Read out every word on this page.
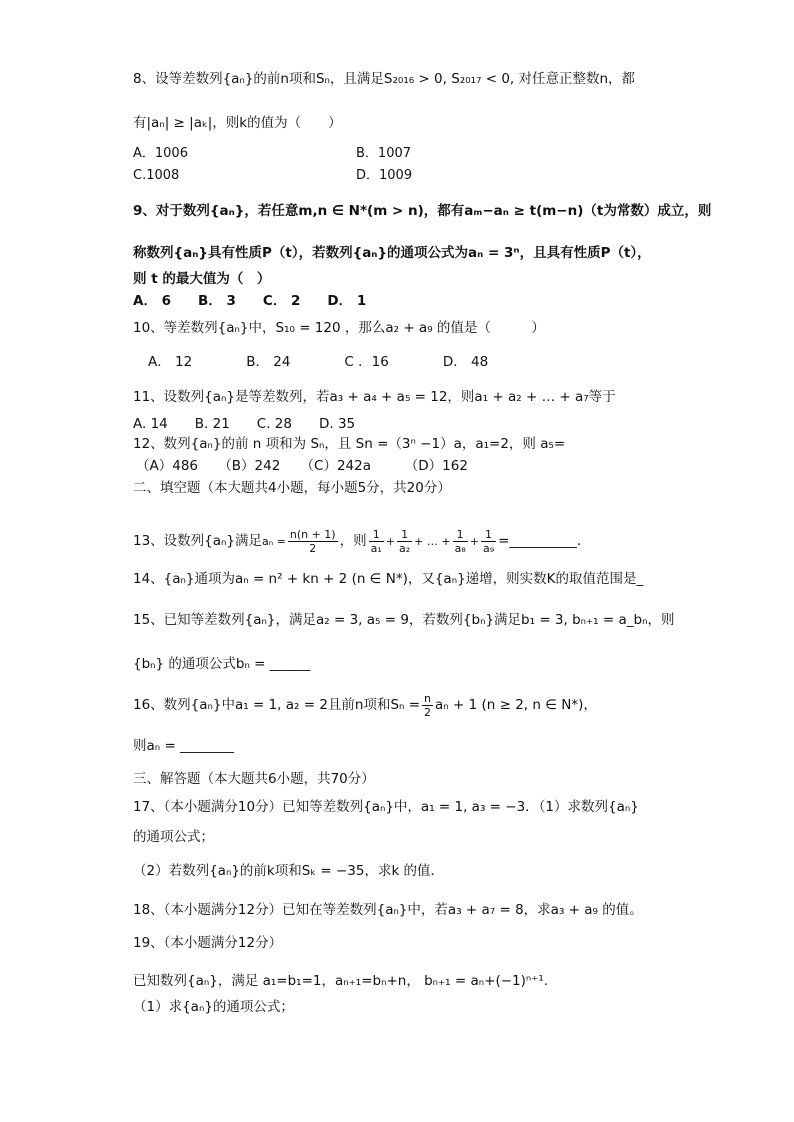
8、设等差数列{aₙ}的前n项和Sₙ，且满足S₂₀₁₆ > 0, S₂₀₁₇ < 0, 对任意正整数n，都
有|aₙ| ≥ |aₖ|，则k的值为（　　）
A．1006	B．1007
C.1008	D．1009
9、对于数列{aₙ}，若任意m,n ∈ N*(m > n)，都有aₘ−aₙ ≥ t(m−n)（t为常数）成立，则
称数列{aₙ}具有性质P（t），若数列{aₙ}的通项公式为aₙ = 3ⁿ，且具有性质P（t），
则 t 的最大值为（　）
A． 6　　B． 3　　C． 2　　D． 1
10、等差数列{aₙ}中，S₁₀ = 120 ，那么a₂ + a₉ 的值是（　　　）
A． 12　　　　B． 24　　　　C ．16　　　　D． 48
11、设数列{aₙ}是等差数列，若a₃ + a₄ + a₅ = 12，则a₁ + a₂ + … + a₇等于
A. 14　　B. 21　　C. 28　　D. 35
12、数列{aₙ}的前 n 项和为 Sₙ，且 Sn =（3ⁿ −1）a，a₁=2，则 a₅=
（A）486　　（B）242　　（C）242a　　　（D）162
二、填空题（本大题共4小题，每小题5分，共20分）
13、设数列{aₙ}满足$a_n = \frac{n(n + 1)}{2}$ ，则 $\frac{1}{\text{a₁}} + \frac{1}{\text{a₂}}$ + … + $\frac{1}{\text{a₈}} + \frac{1}{\text{a₉}}$ =__________.
14、{aₙ}通项为aₙ = n² + kn + 2 (n ∈ N*)，又{aₙ}递增，则实数K的取值范围是_
15、已知等差数列{aₙ}，满足a₂ = 3, a₅ = 9，若数列{bₙ}满足b₁ = 3, bₙ₊₁ = a_bₙ，则
{bₙ} 的通项公式bₙ = ______
16、数列{aₙ}中a₁ = 1, a₂ = 2且前n项和$S_n = \frac{n}{2}$ aₙ + 1 (n ≥ 2, n ∈ N*)，
则aₙ = ________
三、解答题（本大题共6小题，共70分）
17、（本小题满分10分）已知等差数列{aₙ}中，a₁ = 1, a₃ = −3．（1）求数列{aₙ}
的通项公式；
（2）若数列{aₙ}的前k项和Sₖ = −35，求k 的值．
18、（本小题满分12分）已知在等差数列{aₙ}中，若a₃ + a₇ = 8，求a₃ + a₉ 的值。
19、（本小题满分12分）
已知数列{aₙ}，满足 a₁=b₁=1，aₙ₊₁=bₙ+n， bₙ₊₁ = aₙ+(−1)ⁿ⁺¹.
（1）求{aₙ}的通项公式；
